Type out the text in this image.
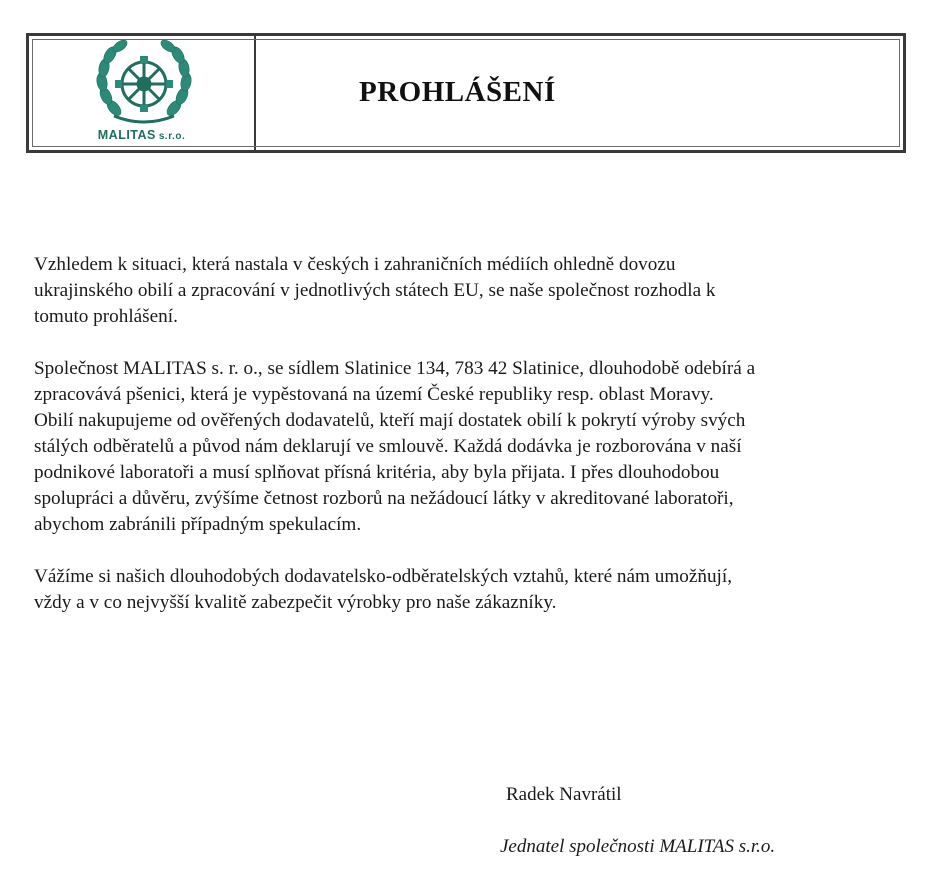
MALITAS s.r.o.
PROHLÁŠENÍ

Vzhledem k situaci, která nastala v českých i zahraničních médiích ohledně dovozu
ukrajinského obilí a zpracování v jednotlivých státech EU, se naše společnost rozhodla k
tomuto prohlášení.

Společnost MALITAS s. r. o., se sídlem Slatinice 134, 783 42 Slatinice, dlouhodobě odebírá a
zpracovává pšenici, která je vypěstovaná na území České republiky resp. oblast Moravy.
Obilí nakupujeme od ověřených dodavatelů, kteří mají dostatek obilí k pokrytí výroby svých
stálých odběratelů a původ nám deklarují ve smlouvě. Každá dodávka je rozborována v naší
podnikové laboratoři a musí splňovat přísná kritéria, aby byla přijata. I přes dlouhodobou
spolupráci a důvěru, zvýšíme četnost rozborů na nežádoucí látky v akreditované laboratoři,
abychom zabránili případným spekulacím.

Vážíme si našich dlouhodobých dodavatelsko-odběratelských vztahů, které nám umožňují,
vždy a v co nejvyšší kvalitě zabezpečit výrobky pro naše zákazníky.

Radek Navrátil
Jednatel společnosti MALITAS s.r.o.
